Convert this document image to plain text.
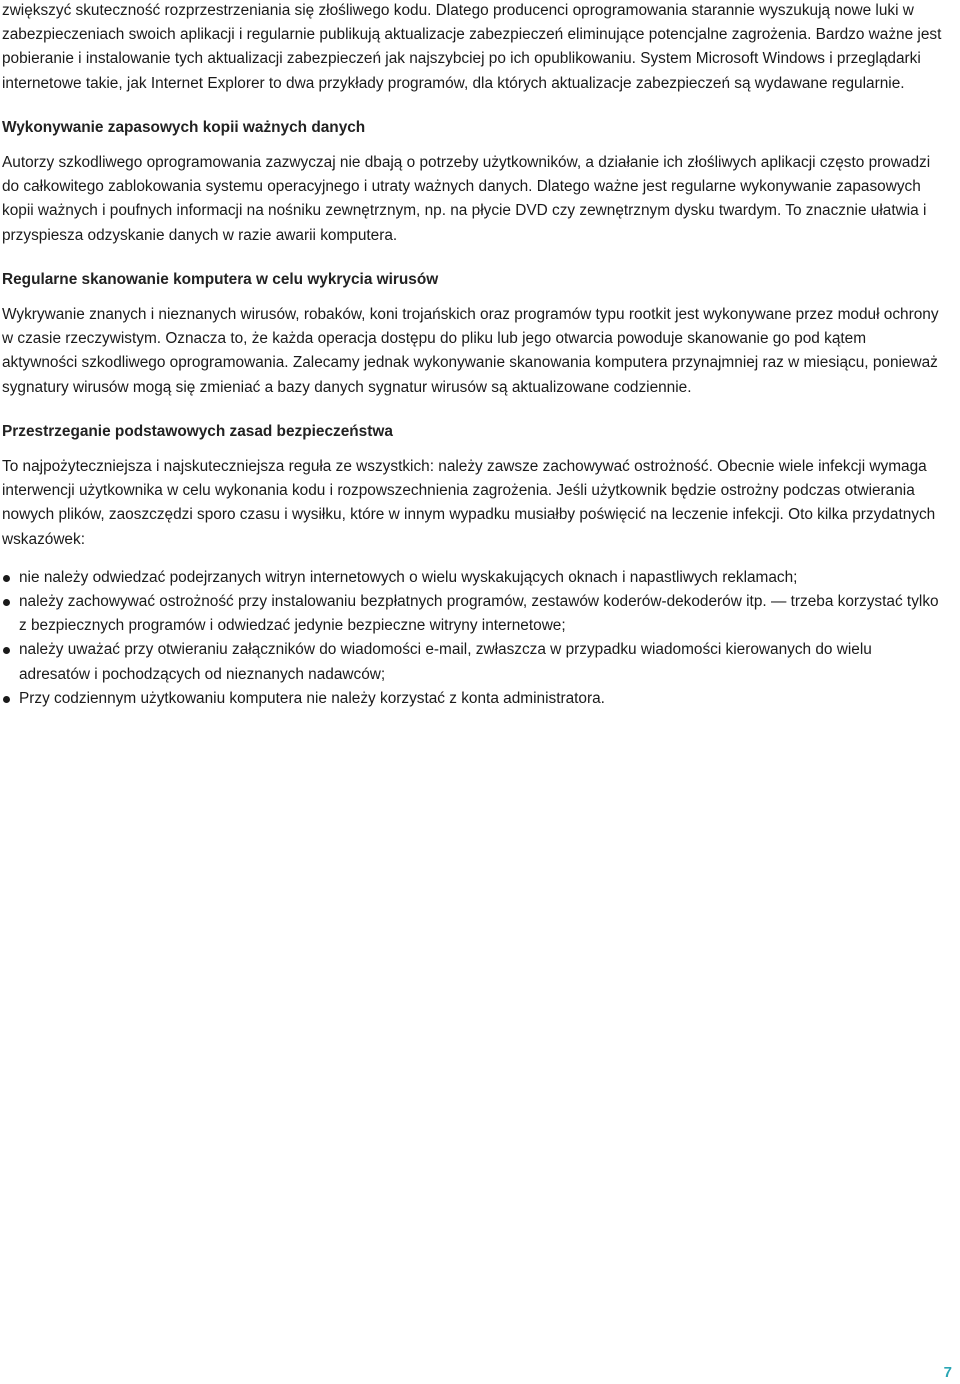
zwiększyć skuteczność rozprzestrzeniania się złośliwego kodu. Dlatego producenci oprogramowania starannie wyszukują nowe luki w zabezpieczeniach swoich aplikacji i regularnie publikują aktualizacje zabezpieczeń eliminujące potencjalne zagrożenia. Bardzo ważne jest pobieranie i instalowanie tych aktualizacji zabezpieczeń jak najszybciej po ich opublikowaniu. System Microsoft Windows i przeglądarki internetowe takie, jak Internet Explorer to dwa przykłady programów, dla których aktualizacje zabezpieczeń są wydawane regularnie.

Wykonywanie zapasowych kopii ważnych danych

Autorzy szkodliwego oprogramowania zazwyczaj nie dbają o potrzeby użytkowników, a działanie ich złośliwych aplikacji często prowadzi do całkowitego zablokowania systemu operacyjnego i utraty ważnych danych. Dlatego ważne jest regularne wykonywanie zapasowych kopii ważnych i poufnych informacji na nośniku zewnętrznym, np. na płycie DVD czy zewnętrznym dysku twardym. To znacznie ułatwia i przyspiesza odzyskanie danych w razie awarii komputera.

Regularne skanowanie komputera w celu wykrycia wirusów

Wykrywanie znanych i nieznanych wirusów, robaków, koni trojańskich oraz programów typu rootkit jest wykonywane przez moduł ochrony w czasie rzeczywistym. Oznacza to, że każda operacja dostępu do pliku lub jego otwarcia powoduje skanowanie go pod kątem aktywności szkodliwego oprogramowania. Zalecamy jednak wykonywanie skanowania komputera przynajmniej raz w miesiącu, ponieważ sygnatury wirusów mogą się zmieniać a bazy danych sygnatur wirusów są aktualizowane codziennie.

Przestrzeganie podstawowych zasad bezpieczeństwa

To najpożyteczniejsza i najskuteczniejsza reguła ze wszystkich: należy zawsze zachowywać ostrożność. Obecnie wiele infekcji wymaga interwencji użytkownika w celu wykonania kodu i rozpowszechnienia zagrożenia. Jeśli użytkownik będzie ostrożny podczas otwierania nowych plików, zaoszczędzi sporo czasu i wysiłku, które w innym wypadku musiałby poświęcić na leczenie infekcji. Oto kilka przydatnych wskazówek:

nie należy odwiedzać podejrzanych witryn internetowych o wielu wyskakujących oknach i napastliwych reklamach;
należy zachowywać ostrożność przy instalowaniu bezpłatnych programów, zestawów koderów-dekoderów itp. — trzeba korzystać tylko z bezpiecznych programów i odwiedzać jedynie bezpieczne witryny internetowe;
należy uważać przy otwieraniu załączników do wiadomości e-mail, zwłaszcza w przypadku wiadomości kierowanych do wielu adresatów i pochodzących od nieznanych nadawców;
Przy codziennym użytkowaniu komputera nie należy korzystać z konta administratora.
7
